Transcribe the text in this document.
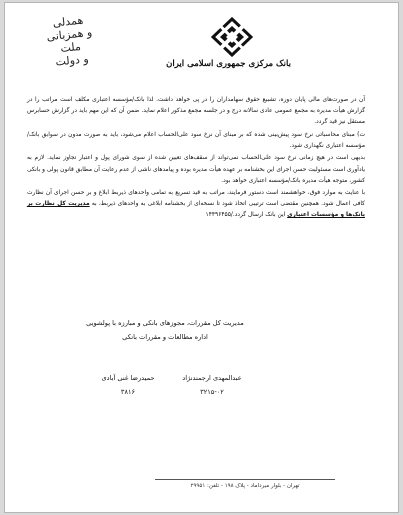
بانک مرکزی جمهوری اسلامی ایران
همدلی
و همزبانی
ملت
و دولت

آن در صورت‌های مالی پایان دوره، تشبیع حقوق سهامداران را در پی خواهد داشت. لذا بانک/مؤسسه اعتباری مکلف است مراتب را در گزارش هیأت مدیره به مجمع عمومی عادی سالانه درج و در جلسه مجمع مذکور اعلام نماید. ضمن آن که این مهم باید در گزارش حسابرس مستقل نیز قید گردد.

ت) مبنای محاسباتی نرخ سود پیش‌بینی شده که بر مبنای آن نرخ سود علی‌الحساب اعلام می‌شود، باید به صورت مدون در سوابق بانک/مؤسسه اعتباری نگهداری شود.

بدیهی است در هیچ زمانی نرخ سود علی‌الحساب نمی‌تواند از سقف‌های تعیین شده از سوی شورای پول و اعتبار تجاوز نماید. لازم به یادآوری است مسئولیت حسن اجرای این بخشنامه بر عهده هیأت مدیره بوده و پیامدهای ناشی از عدم رعایت آن مطابق قانون پولی و بانکی کشور، متوجه هیأت مدیره بانک/مؤسسه اعتباری خواهد بود.

با عنایت به موارد فوق، خواهشمند است دستور فرمایند، مراتب به قید تسریع به تمامی واحدهای ذیربط ابلاغ و بر حسن اجرای آن نظارت کافی اعمال شود. همچنین مقتضی است ترتیبی اتخاذ شود تا نسخه‌ای از بخشنامه ابلاغی به واحدهای ذیربط، به مدیریت کل نظارت بر بانک‌ها و مؤسسات اعتباری این بانک ارسال گردد./۱۴۴۹۶۴۵۵

مدیریت کل مقررات، مجوزهای بانکی و مبارزه با پولشویی
اداره مطالعات و مقررات بانکی
عبدالمهدی ارجمندنژاد
حمیدرضا غنی آبادی
۳۲۱۵-۰۲
۳۸۱۶
تهران - بلوار میرداماد - پلاک ۱۹۸ - تلفن: ۲۹۹۵۱
